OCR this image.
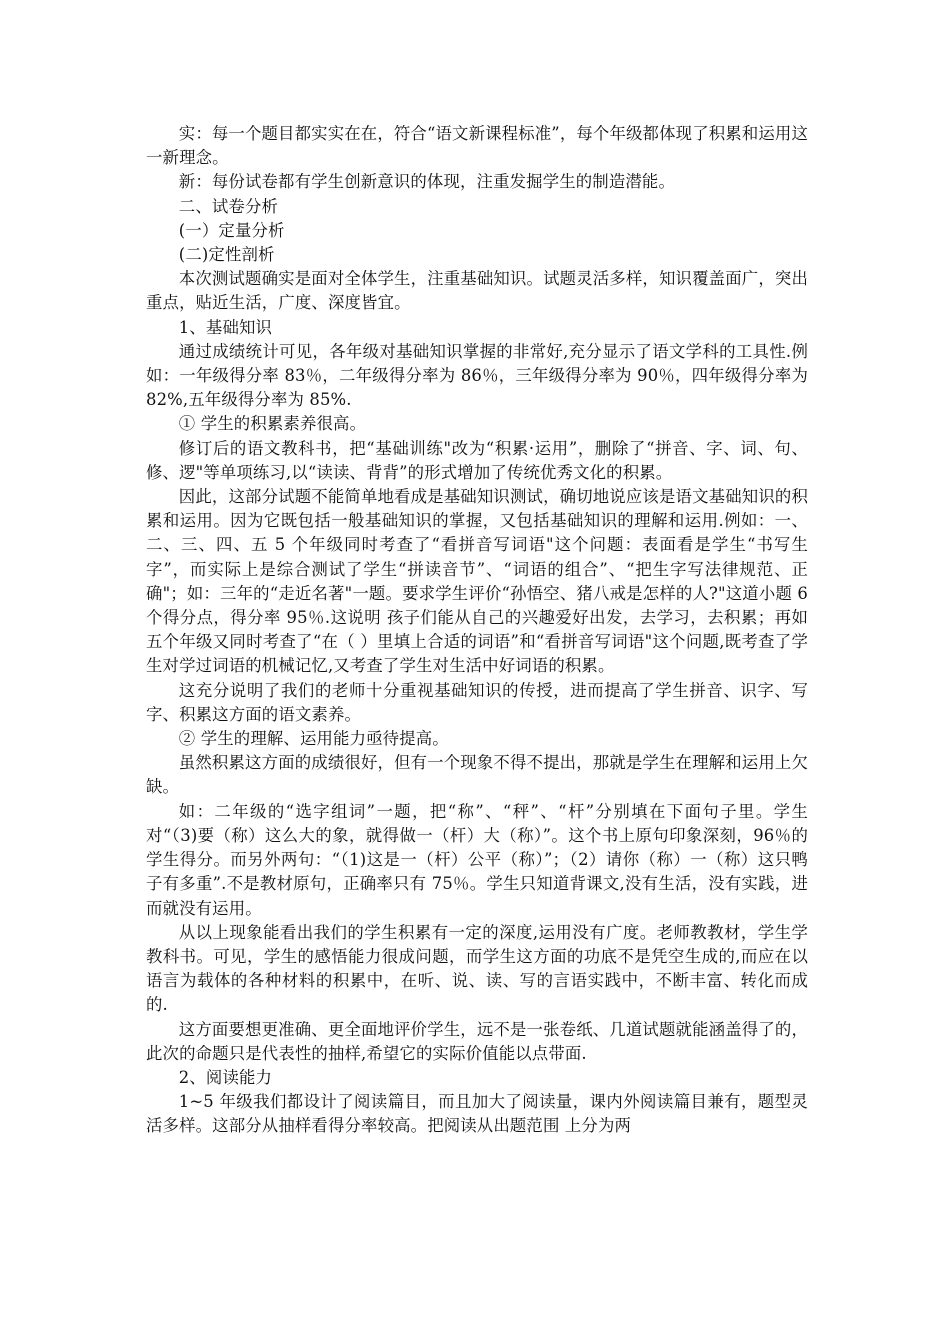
实：每一个题目都实实在在，符合“语文新课程标准”，每个年级都体现了积累和运用这一新理念。

新：每份试卷都有学生创新意识的体现，注重发掘学生的制造潜能。

二、试卷分析

(一）定量分析

(二)定性剖析

本次测试题确实是面对全体学生，注重基础知识。试题灵活多样，知识覆盖面广，突出重点，贴近生活，广度、深度皆宜。

1、基础知识

通过成绩统计可见，各年级对基础知识掌握的非常好,充分显示了语文学科的工具性.例如：一年级得分率 83％，二年级得分率为 86％，三年级得分率为 90％，四年级得分率为 82%,五年级得分率为 85%.

① 学生的积累素养很高。

修订后的语文教科书，把“基础训练"改为“积累·运用”，删除了“拼音、字、词、句、修、逻"等单项练习,以“读读、背背”的形式增加了传统优秀文化的积累。

因此，这部分试题不能简单地看成是基础知识测试，确切地说应该是语文基础知识的积累和运用。因为它既包括一般基础知识的掌握，又包括基础知识的理解和运用.例如：一、二、三、四、五 5 个年级同时考查了“看拼音写词语"这个问题：表面看是学生“书写生字”，而实际上是综合测试了学生“拼读音节”、“词语的组合”、“把生字写法律规范、正确"；如：三年的“走近名著"一题。要求学生评价“孙悟空、猪八戒是怎样的人?"这道小题 6 个得分点，得分率 95％.这说明 孩子们能从自己的兴趣爱好出发，去学习，去积累；再如五个年级又同时考查了“在（ ）里填上合适的词语”和“看拼音写词语"这个问题,既考查了学生对学过词语的机械记忆,又考查了学生对生活中好词语的积累。

这充分说明了我们的老师十分重视基础知识的传授，进而提高了学生拼音、识字、写字、积累这方面的语文素养。

② 学生的理解、运用能力亟待提高。

虽然积累这方面的成绩很好，但有一个现象不得不提出，那就是学生在理解和运用上欠缺。

如：二年级的“选字组词”一题，把“称”、“秤”、“杆”分别填在下面句子里。学生对“（3)要（称）这么大的象，就得做一（杆）大（称）”。这个书上原句印象深刻，96％的学生得分。而另外两句：“（1)这是一（杆）公平（称）”；（2）请你（称）一（称）这只鸭子有多重”.不是教材原句，正确率只有 75％。学生只知道背课文,没有生活，没有实践，进而就没有运用。

从以上现象能看出我们的学生积累有一定的深度,运用没有广度。老师教教材，学生学教科书。可见，学生的感悟能力很成问题，而学生这方面的功底不是凭空生成的,而应在以语言为载体的各种材料的积累中，在听、说、读、写的言语实践中，不断丰富、转化而成的.

这方面要想更准确、更全面地评价学生，远不是一张卷纸、几道试题就能涵盖得了的，此次的命题只是代表性的抽样,希望它的实际价值能以点带面.

2、阅读能力

1~5 年级我们都设计了阅读篇目，而且加大了阅读量，课内外阅读篇目兼有，题型灵活多样。这部分从抽样看得分率较高。把阅读从出题范围 上分为两
